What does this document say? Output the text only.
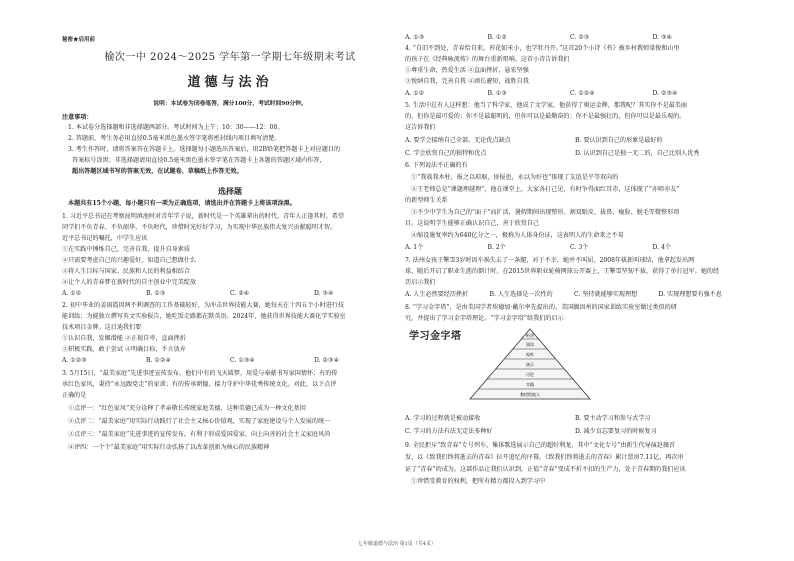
秘密★启用前
榆次一中 2024～2025 学年第一学期七年级期末考试
道德与法治
说明：本试卷为闭卷笔答，满分100分，考试时间90分钟。
注意事项：
1. 本试卷分选择题和非选择题两部分。考试时间为上午：10：30——12：00。
2. 答题前，考生务必用直径0.5毫米黑色墨水签字笔将密封线内项目填写清楚。
3. 考生作答时，请将答案答在答题卡上。选择题每小题选出答案后，用2B铅笔把答题卡上对应题目的
答案标号涂黑；非选择题请用直径0.5毫米黑色墨水签字笔在答题卡上各题的答题区域内作答，
超出答题区域书写的答案无效，在试题卷、草稿纸上作答无效。
选择题
本题共有15个小题，每小题只有一项为正确选项，请选出并在答题卡上将该项涂黑。
1. 习近平总书记在考察昆明滇池时对青年学子说，新时代是一个英雄辈出的时代，青年人正逢其时。希望
同学们不负青春、不负韶华、不负时代，珍惜时光好好学习，为实现中华民族伟大复兴贡献聪明才智。
近平总书记的嘱托，中学生应该
①在实践中锤炼自己，完善自我，提升自身素质
②只需要考虑自己的兴趣爱好，知道自己想做什么
③将人生目标与国家、民族和人民的利益相结合
④让个人的青春梦在新时代的自主创业中完美绽放
A. ①②	B. ①③	C. ②④	D. ③④
2. 初中毕业的姜雨霞因两不利调查的工作基础较好，为冲击世界技能大赛，她每天在十四五个小时进行技
能训练；为能独立撰写英文实验报告，她吃饭走路都在默英语。2024年，她获得世界技能大赛化学实验室
技术项目金牌。这启迪我们要
①认识自我，发掘潜能 ②正视自卑，直面挫折
③积极实践，敢于尝试 ④明确目标，不言放弃
A. ①②③	B. ①②④	C. ①③④	D. ②③④
3. 5月15日，“最美家庭”先进事迹宣传发布。他们中有的飞天圆梦，用爱与奉献书写家国情怀；有的传
承红色家风，秉持“永远跟党走”的家训；有的传承朝德，接力守护中华优秀传统文化。对此，以下点评
正确的是
①点评一：“红色家风”充分诠释了孝亲敬长传统家庭美德，这种美德已成为一种文化基因
②点评二：“最美家庭”用实际行动践行了社会主义核心价值观，实现了家庭建设与个人发展的统一
③点评三：“最美家庭”先进事迹的宣传发布，有利于形成爱国爱家、向上向善的社会主义家庭风尚
④评四：一个个“最美家庭”用实际行动弘扬了以改革创新为核心的民族精神
A. ①③	B. ①②	C. ②③	D. ③④
4. “自旧不到处，青春恰自来。苔花如米小，也学牡丹开。”这首20个小诗《苔》被乡村教师梁俊和山里
的孩子在《经典咏流传》的舞台重新唱响。这首小诗告诉我们
①尊重生命，热爱生活 ②直面挫折，悬宏坚强
③悦纳自我，完善自我 ④顽长避短，战胜自我
A. ①②	B. ①③	C. ①②④	D. ②③④
5. 生活中总有人这样想：他当了科学家，他成了文学家，他获得了奥运金牌，那我呢？其实你不是最美丽
的，但你是最可爱的；你不是最聪明的，但你可以是最勤奋的；你不是最强壮的，但你可以是最乐观的。
这告诉我们
A. 要学会接纳自己全部，无论优点缺点	B. 要认识到自己的形象是最好的
C. 学会欣赏自己的独特和优点	D. 认识到自己是独一无二的，自己比别人优秀
6. 下列说法不正确的有
①“我栽我木柱，报之以琼琚，匪报也，永以为好也”体现了友谊是平等双向的
②王老师总是“课题理越理”，他在课堂上，大家各打己见，有时争得面红耳赤，这体现了“亦师亦友”
的新型师生关系
③不少中学生为自己的“面子”而扩活，暑假期间出现整形、割双眼皮、拔鼻、瘦脸、脱毛等微整形项
目。这说明学生能够正确认识自己，善于欣赏自己
④缩设施复率约为640亿分之一，极称为人体身份证，这表明人的生命来之不易
A. 1个	B. 2个	C. 3个	D. 4个
7. 法州女孩王擎雪3岁时因车祸失去了一条腿，对于不幸，她并不叫屈。2008年拔新叫球结，他拿起发出网
球，随后开启了职业生涯的倒计时。在2015世界职业轮椅网球公开赛上，王擎雪坚韧不拔，获得了单打冠军。她的经
历启示我们
A. 人生必然要经历挫折	B. 人生选择是一次性的	C. 坚持就能够实现理想	D. 实现理想要有强不息
8. “学习金字塔”，是由美国学者埃德加·戴尔率先提出的。美国缅因州的国家训练实验室做过类似的研
究，并提出了学习金字塔理论。“学习金字塔”给我们的启示
学习金字塔	听讲
阅读
视听
演示
讨论
实践
教授给他人
A. 学习的过程就是被动接收	B. 要主动学习和参与式学习
C. 学习的方法有法无定法多种好	D. 减少盲忘要复习的时候复习
9. 全民拒斥“致青春”专号列车，集体歌选展示自己的超好利龙，其中“文化专号”由新生代导演赵薇首
发，以《致我们终将逝去的青春》拉开追忆的序幕。《致我们终将逝去的青春》累计票房7.11亿，再次审
证了“青春”的成为。这部作品让我们认识到，正值“青春”变成不折不扣的生产力，处于青春期的我们应该
①珍惜受教育的权利，把所有精力都投入到学习中
七年级道德与法治 第1页（共4页）
